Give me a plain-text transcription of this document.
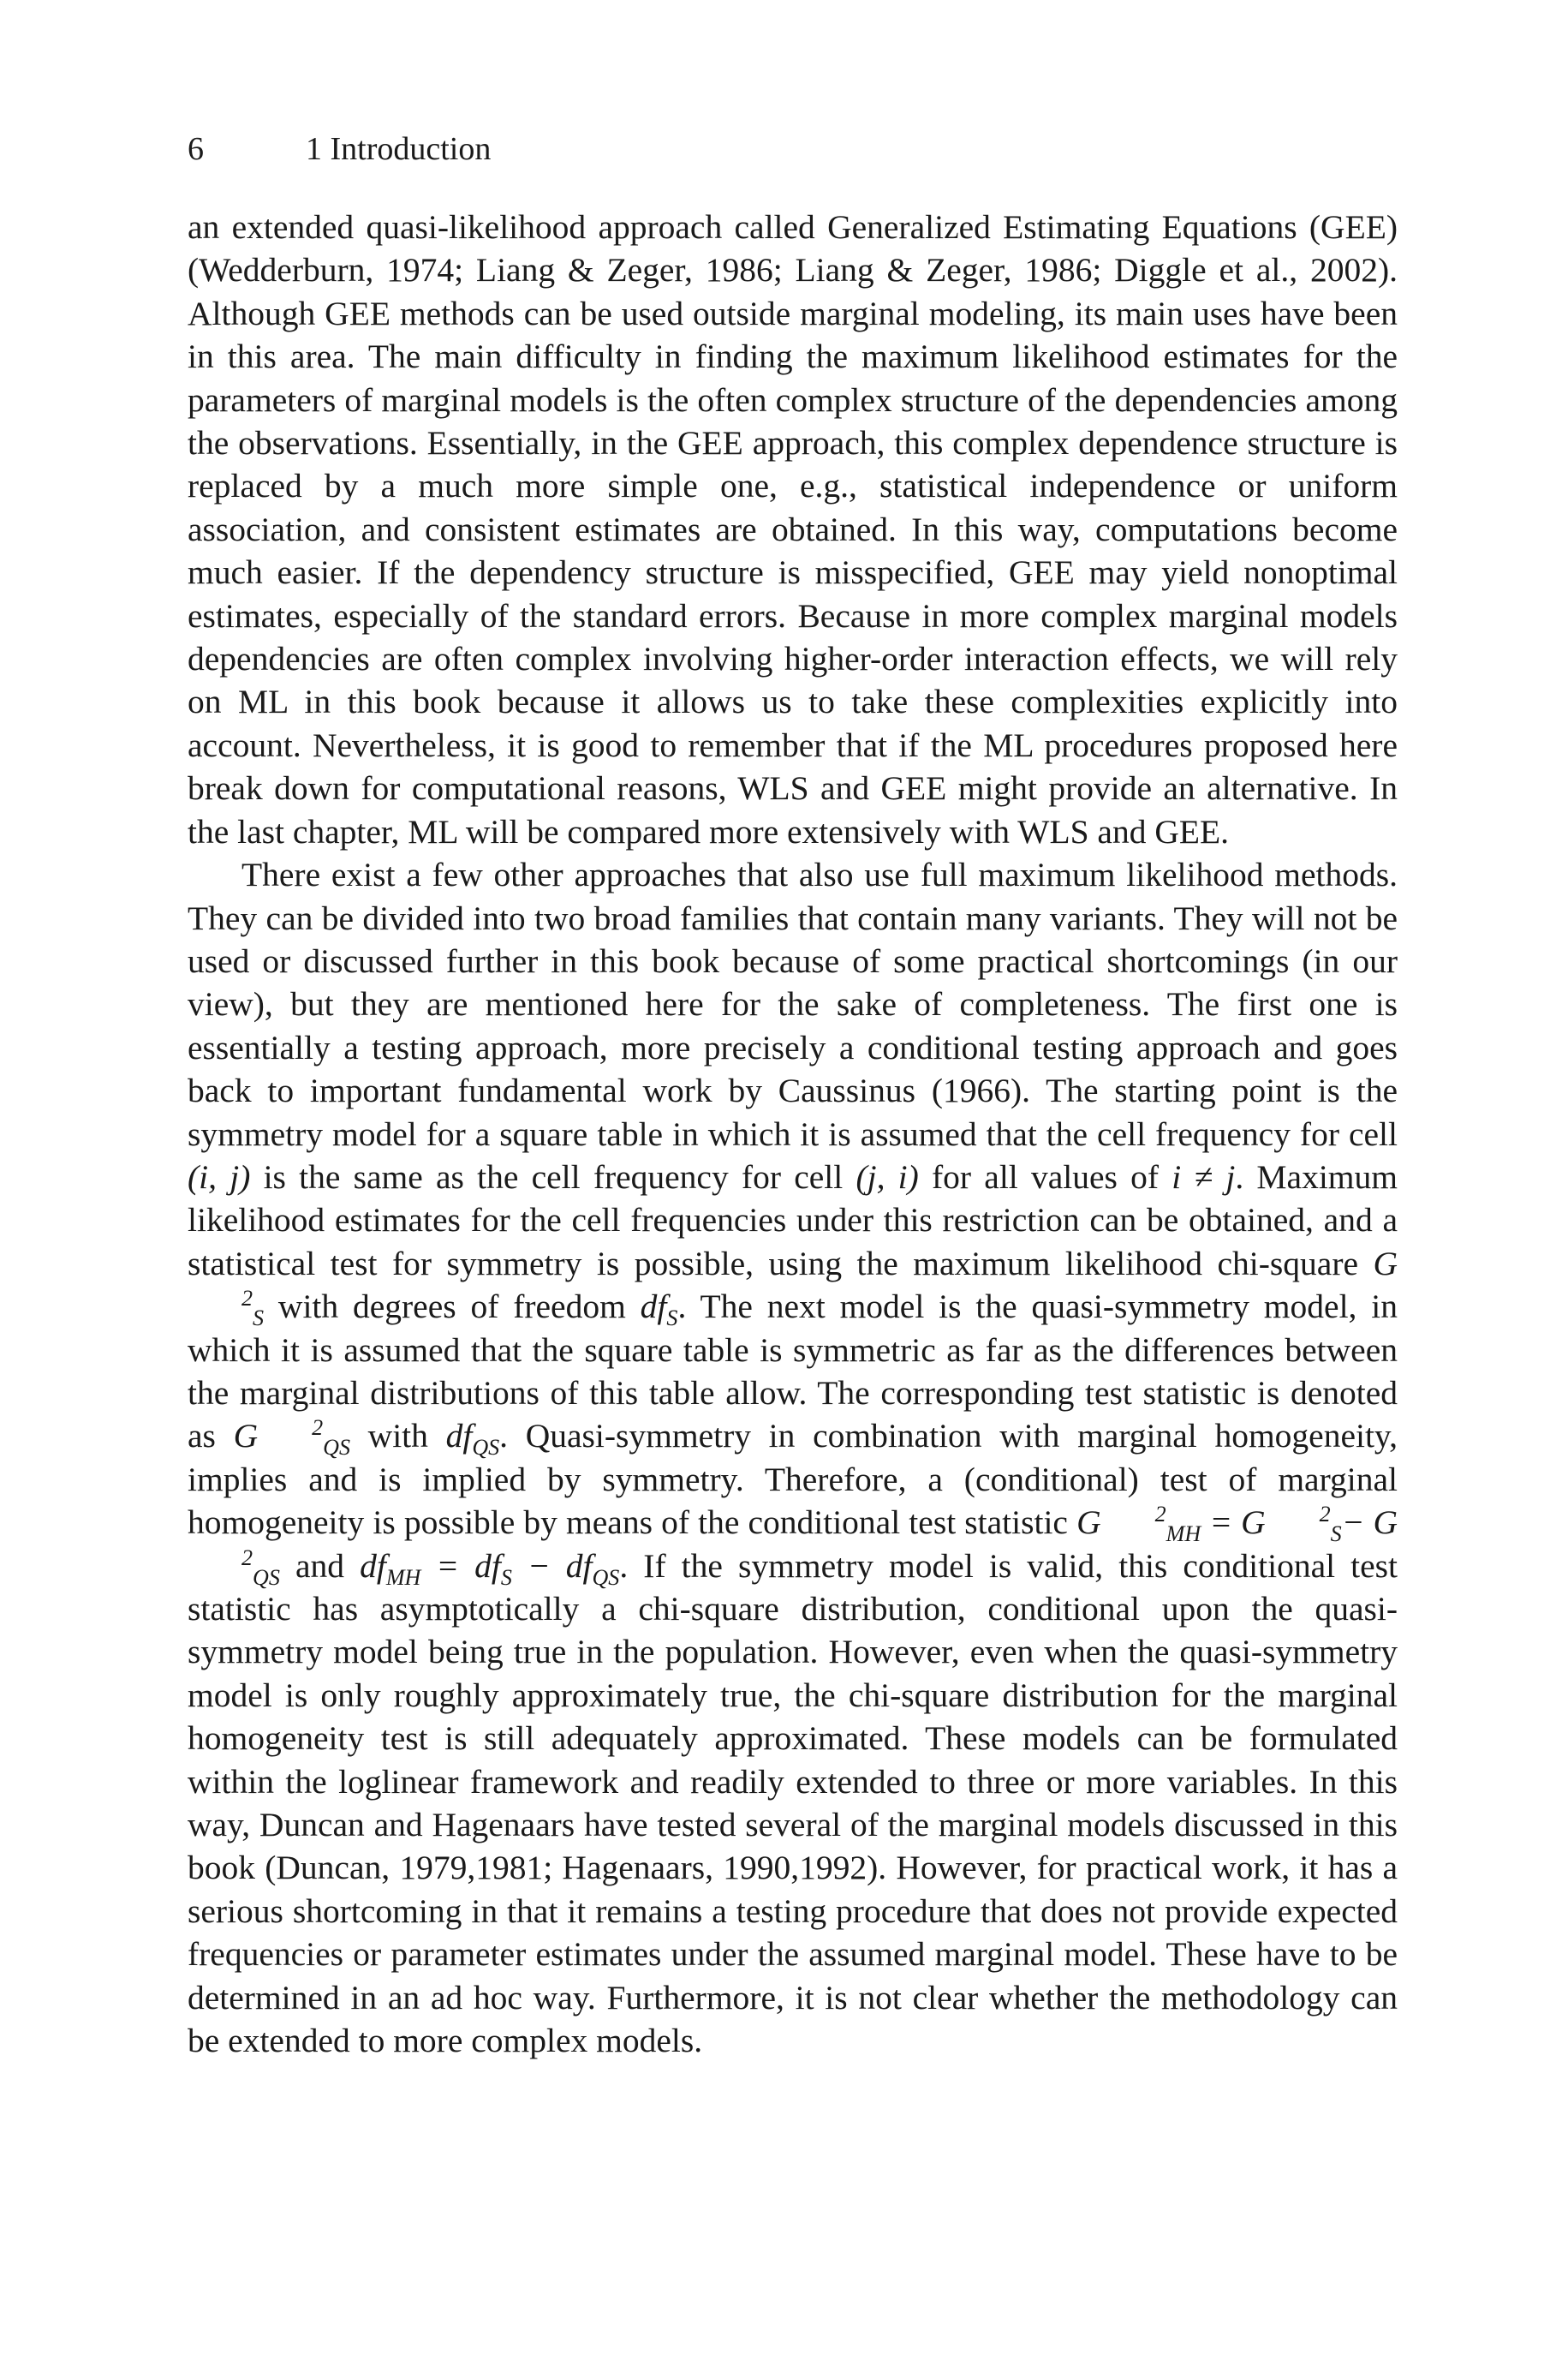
6	1 Introduction

an extended quasi-likelihood approach called Generalized Estimating Equations (GEE) (Wedderburn, 1974; Liang & Zeger, 1986; Liang & Zeger, 1986; Diggle et al., 2002). Although GEE methods can be used outside marginal modeling, its main uses have been in this area. The main difficulty in finding the maximum likelihood estimates for the parameters of marginal models is the often complex structure of the dependencies among the observations. Essentially, in the GEE approach, this complex dependence structure is replaced by a much more simple one, e.g., statistical independence or uniform association, and consistent estimates are obtained. In this way, computations become much easier. If the dependency structure is misspecified, GEE may yield nonoptimal estimates, especially of the standard errors. Because in more complex marginal models dependencies are often complex involving higher-order interaction effects, we will rely on ML in this book because it allows us to take these complexities explicitly into account. Nevertheless, it is good to remember that if the ML procedures proposed here break down for computational reasons, WLS and GEE might provide an alternative. In the last chapter, ML will be compared more extensively with WLS and GEE.

There exist a few other approaches that also use full maximum likelihood methods. They can be divided into two broad families that contain many variants. They will not be used or discussed further in this book because of some practical shortcomings (in our view), but they are mentioned here for the sake of completeness. The first one is essentially a testing approach, more precisely a conditional testing approach and goes back to important fundamental work by Caussinus (1966). The starting point is the symmetry model for a square table in which it is assumed that the cell frequency for cell (i, j) is the same as the cell frequency for cell (j, i) for all values of i ≠ j. Maximum likelihood estimates for the cell frequencies under this restriction can be obtained, and a statistical test for symmetry is possible, using the maximum likelihood chi-square $G^2_S$ with degrees of freedom $df_S$. The next model is the quasi-symmetry model, in which it is assumed that the square table is symmetric as far as the differences between the marginal distributions of this table allow. The corresponding test statistic is denoted as G $^2_{QS}$ with $df_{QS}$. Quasi-symmetry in combination with marginal homogeneity, implies and is implied by symmetry. Therefore, a (conditional) test of marginal homogeneity is possible by means of the conditional test statistic G $^2_{MH}$ = G $^2_S- G^2_{QS}$ and $df_{MH} = df_S - df_{QS}$. If the symmetry model is valid, this conditional test statistic has asymptotically a chi-square distribution, conditional upon the quasi-symmetry model being true in the population. However, even when the quasi-symmetry model is only roughly approximately true, the chi-square distribution for the marginal homogeneity test is still adequately approximated. These models can be formulated within the loglinear framework and readily extended to three or more variables. In this way, Duncan and Hagenaars have tested several of the marginal models discussed in this book (Duncan, 1979,1981; Hagenaars, 1990,1992). However, for practical work, it has a serious shortcoming in that it remains a testing procedure that does not provide expected frequencies or parameter estimates under the assumed marginal model. These have to be determined in an ad hoc way. Furthermore, it is not clear whether the methodology can be extended to more complex models.
